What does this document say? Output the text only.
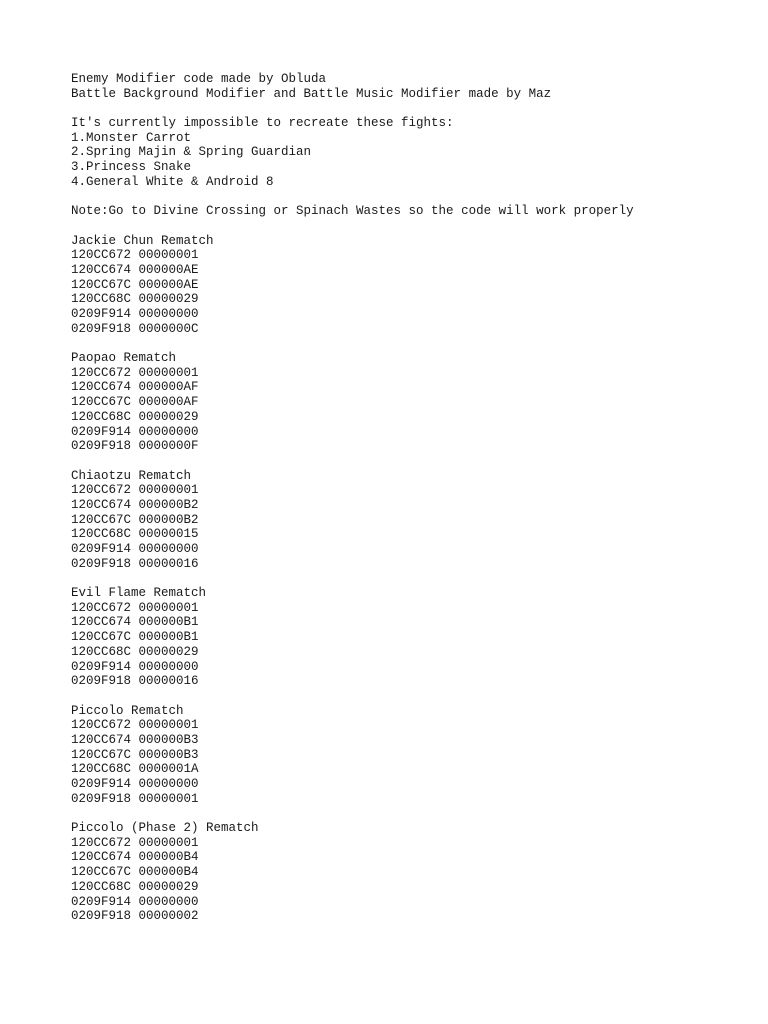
Enemy Modifier code made by Obluda
Battle Background Modifier and Battle Music Modifier made by Maz
It's currently impossible to recreate these fights:
1.Monster Carrot
2.Spring Majin & Spring Guardian
3.Princess Snake
4.General White & Android 8
Note:Go to Divine Crossing or Spinach Wastes so the code will work properly
Jackie Chun Rematch
120CC672 00000001
120CC674 000000AE
120CC67C 000000AE
120CC68C 00000029
0209F914 00000000
0209F918 0000000C
Paopao Rematch
120CC672 00000001
120CC674 000000AF
120CC67C 000000AF
120CC68C 00000029
0209F914 00000000
0209F918 0000000F
Chiaotzu Rematch
120CC672 00000001
120CC674 000000B2
120CC67C 000000B2
120CC68C 00000015
0209F914 00000000
0209F918 00000016
Evil Flame Rematch
120CC672 00000001
120CC674 000000B1
120CC67C 000000B1
120CC68C 00000029
0209F914 00000000
0209F918 00000016
Piccolo Rematch
120CC672 00000001
120CC674 000000B3
120CC67C 000000B3
120CC68C 0000001A
0209F914 00000000
0209F918 00000001
Piccolo (Phase 2) Rematch
120CC672 00000001
120CC674 000000B4
120CC67C 000000B4
120CC68C 00000029
0209F914 00000000
0209F918 00000002
